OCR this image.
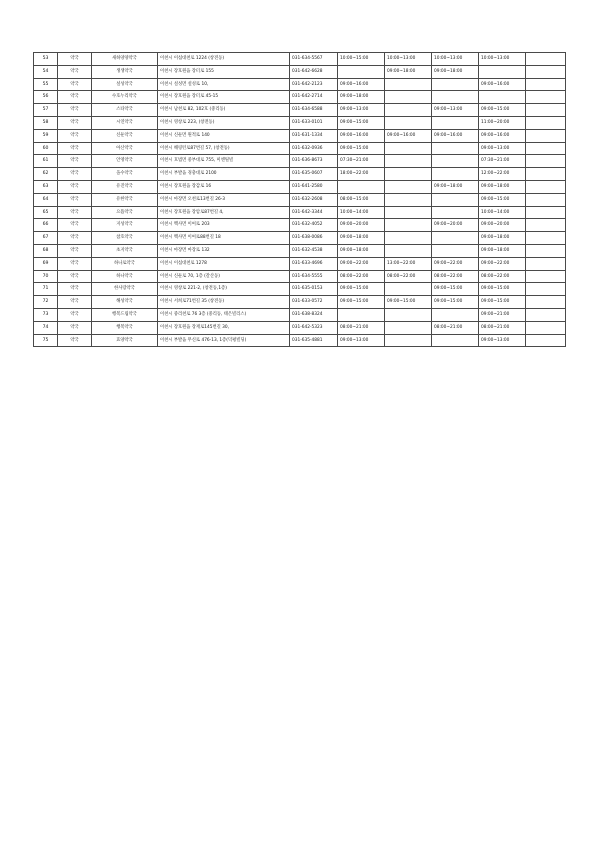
53	약국	새하양양약국	이천시 이섭대천로 1224 (창전동)	031-634-5567	10:00~15:00	10:00~13:00	10:00~13:00	10:00~13:00	
54	약국	생생약국	이천시 장호원읍 장터로 155	031-642-6628		09:00~18:00	09:00~18:00		
55	약국	설성약국	이천시 설성면 설성로 10,	031-642-2123	09:00~16:00			09:00~16:00	
56	약국	수호누리약국	이천시 장호원읍 장터로 45-15	031-642-2714	09:00~18:00				
57	약국	스타약국	이천시 남천로 82, 102호 (중리동)	031-634-6588	09:00~13:00		09:00~13:00	09:00~15:00	
58	약국	시연약국	이천시 영창로 223, (창전동)	031-633-0101	09:00~15:00			11:00~20:00	
59	약국	신둔약국	이천시 신둔면 원적로 140	031-631-1334	09:00~16:00	09:00~16:00	09:00~16:00	09:00~16:00	
60	약국	아산약국	이천시 해링턴로87번길 57, (창전동)	031-632-0936	09:00~15:00			09:00~13:00	
61	약국	안영약국	이천시 호법면 중부대로 755, 미엔틸빌	031-636-8673	07:30~21:00			07:30~21:00	
62	약국	을수약국	이천시 부발읍 경충대로 2100	031-635-0607	18:00~22:00			12:00~22:00	
63	약국	유진약국	이천시 장호원읍 장감로 16	031-641-2580			09:00~18:00	09:00~18:00	
64	약국	유한약국	이천시 마장면 오천로13번길 26-3	031-632-2608	08:00~15:00			09:00~15:00	
65	약국	으뜸약국	이천시 장호원읍 장암로87번길 4,	031-642-3344	10:00~14:00			10:00~14:00	
66	약국	지성약국	이천시 백사면 이여로 203	031-632-4052	09:00~20:00		09:00~20:00	09:00~20:00	
67	약국	참호약국	이천시 백사면 이여로88번길 18	031-638-0086	09:00~18:00			09:00~18:00	
68	약국	초지약국	이천시 마장면 마장로 132	031-632-4538	09:00~18:00			09:00~18:00	
69	약국	하나로약국	이천시 이섭대천로 1278	031-633-4696	09:00~22:00	13:00~22:00	09:00~22:00	09:00~22:00	
70	약국	하나약국	이천시 신둔로 70, 1층 (갈산동)	031-634-5555	08:00~22:00	08:00~22:00	08:00~22:00	08:00~22:00	
71	약국	한사랑약국	이천시 영창로 221-2, (창전동,1층)	031-635-0153	09:00~15:00		09:00~15:00	09:00~15:00	
72	약국	해성약국	이천시 서희로71번길 35 (창전동)	031-633-0572	09:00~15:00	09:00~15:00	09:00~15:00	09:00~15:00	
73	약국	행복드림약국	이천시 중리천로 76 3층 (중리동, 태은빌리스)	031-638-8324				09:00~21:00	
74	약국	행복약국	이천시 장호원읍 장재로145번길 30,	031-642-5323	08:00~21:00		08:00~21:00	08:00~21:00	
75	약국	효양약국	이천시 부발읍 무신로 476-13, 1층(덕평빌딩)	031-635-4881	09:00~13:00			09:00~13:00	
